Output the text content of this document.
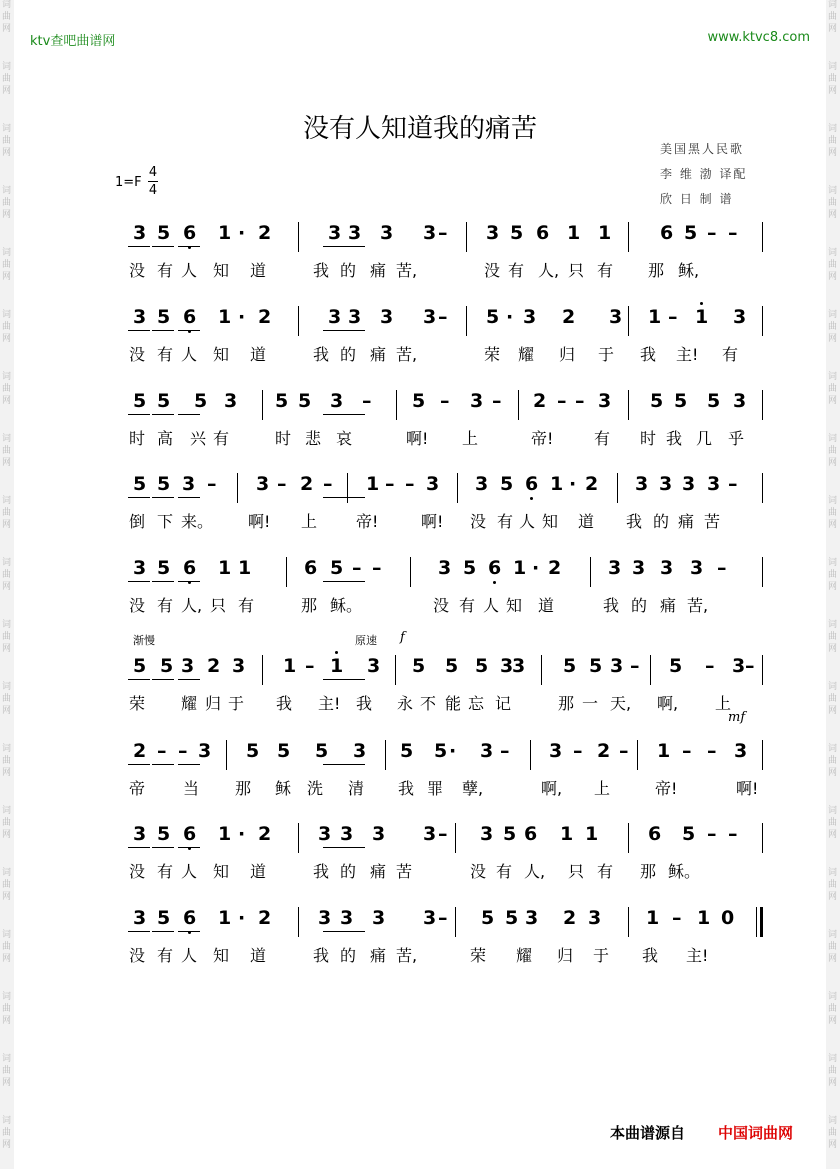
词
曲
网
词
曲
网
词
曲
网
词
曲
网
词
曲
网
词
曲
网
词
曲
网
词
曲
网
词
曲
网
词
曲
网
词
曲
网
词
曲
网
词
曲
网
词
曲
网
词
曲
网
词
曲
网
词
曲
网
词
曲
网
词
曲
网
词
曲
网
词
曲
网
词
曲
网
词
曲
网
词
曲
网
词
曲
网
词
曲
网
词
曲
网
词
曲
网
词
曲
网
词
曲
网
词
曲
网
词
曲
网
词
曲
网
词
曲
网
词
曲
网
词
曲
网
词
曲
网
词
曲
网
ktv查吧曲谱网	www.ktvc8.com
没有人知道我的痛苦
美国黑人民歌
李 维 渤 译配
欣 日 制 谱
1=F
4
4
3 5 6 1 · 2	3 3 3 3 – 3 5 6 1 1	6 5 – –
没 有 人 知 道	我 的 痛 苦,	没 有 人, 只 有 那 稣,
3 5 6 1 · 2	3 3 3 3 – 5 · 3 2 3 1 – 1 3
没 有 人 知 道	我 的 痛 苦,	荣 耀 归 于 我 主! 有
5 5 5 3 5 5 3 – 5 – 3 – 2 – – 3 5 5 5 3
时 高 兴 有	时 悲 哀	啊! 上	帝!	有 时 我 几 乎
5 5 3 – 3 – 2 – 1 – – 3 3 5 6 1 · 2 3 3 3 3 –
倒 下 来。 啊! 上 帝!	啊! 没 有 人 知 道 我 的 痛 苦
3 5 6 1 1	6 5 – –	3 5 6 1 · 2 3 3 3 3 –
没 有 人, 只 有	那 稣。	没 有 人 知 道	我 的 痛 苦,
5 5 3 2 3 1 – 1 3 5 5 5 3
3 5 5 3 – 5 – 3 –
荣 耀 归 于 我 主! 我 永 不 能 忘 记	那 一 天, 啊, 上
2 – – 3 5 5 5 3 5 5 · 3 – 3 – 2 – 1 – – 3
帝 当 那 稣 洗 清 我 罪 孽,	啊, 上	帝!	啊!
3 5 6 1 · 2 3 3 3 3 – 3 5 6 1 1	6 5 – –
没 有 人 知 道	我 的 痛 苦	没 有 人, 只 有 那 稣。
3 5 6 1 · 2 3 3 3 3 – 5 5 3 2 3 1 – 1 0
没 有 人 知 道	我 的 痛 苦,	荣 耀 归 于 我 主!
渐慢	原速 f
mf
本曲谱源自 中国词曲网
